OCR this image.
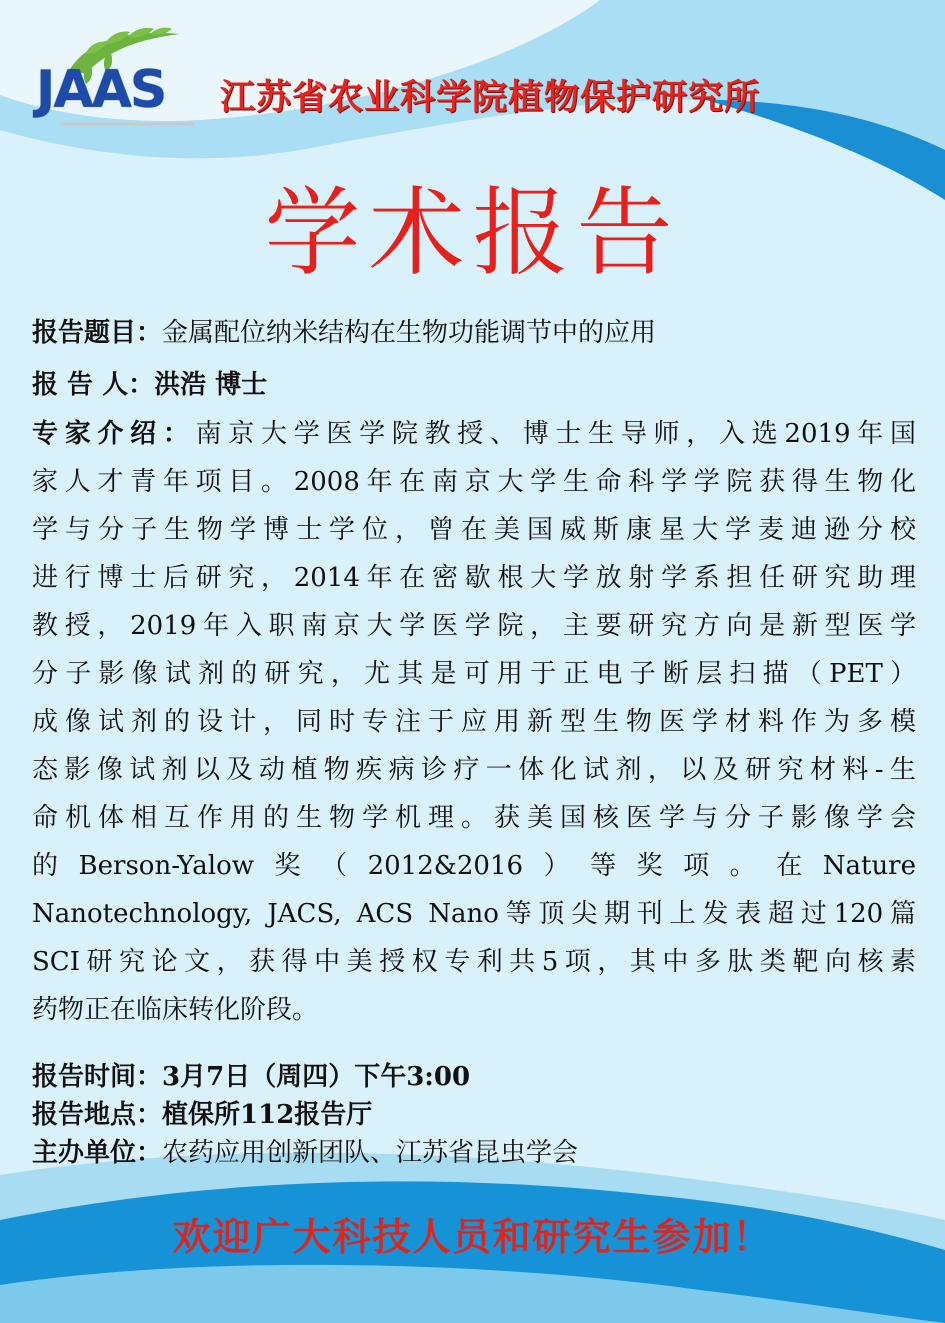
JAAS 江苏省农业科学院植物保护研究所
学术报告
报告题目：金属配位纳米结构在生物功能调节中的应用
报 告 人：洪浩 博士
专家介绍：南京大学医学院教授、博士生导师，入选2019年国
家人才青年项目。2008年在南京大学生命科学学院获得生物化
学与分子生物学博士学位，曾在美国威斯康星大学麦迪逊分校
进行博士后研究，2014年在密歇根大学放射学系担任研究助理
教授，2019年入职南京大学医学院，主要研究方向是新型医学
分子影像试剂的研究，尤其是可用于正电子断层扫描（PET）
成像试剂的设计，同时专注于应用新型生物医学材料作为多模
态影像试剂以及动植物疾病诊疗一体化试剂，以及研究材料-生
命机体相互作用的生物学机理。获美国核医学与分子影像学会
的Berson-Yalow奖（2012&2016）等奖项。在Nature
Nanotechnology, JACS, ACS Nano等顶尖期刊上发表超过120篇
SCI研究论文，获得中美授权专利共5项，其中多肽类靶向核素
药物正在临床转化阶段。
报告时间：3月7日（周四）下午3:00
报告地点：植保所112报告厅
主办单位：农药应用创新团队、江苏省昆虫学会
欢迎广大科技人员和研究生参加！
